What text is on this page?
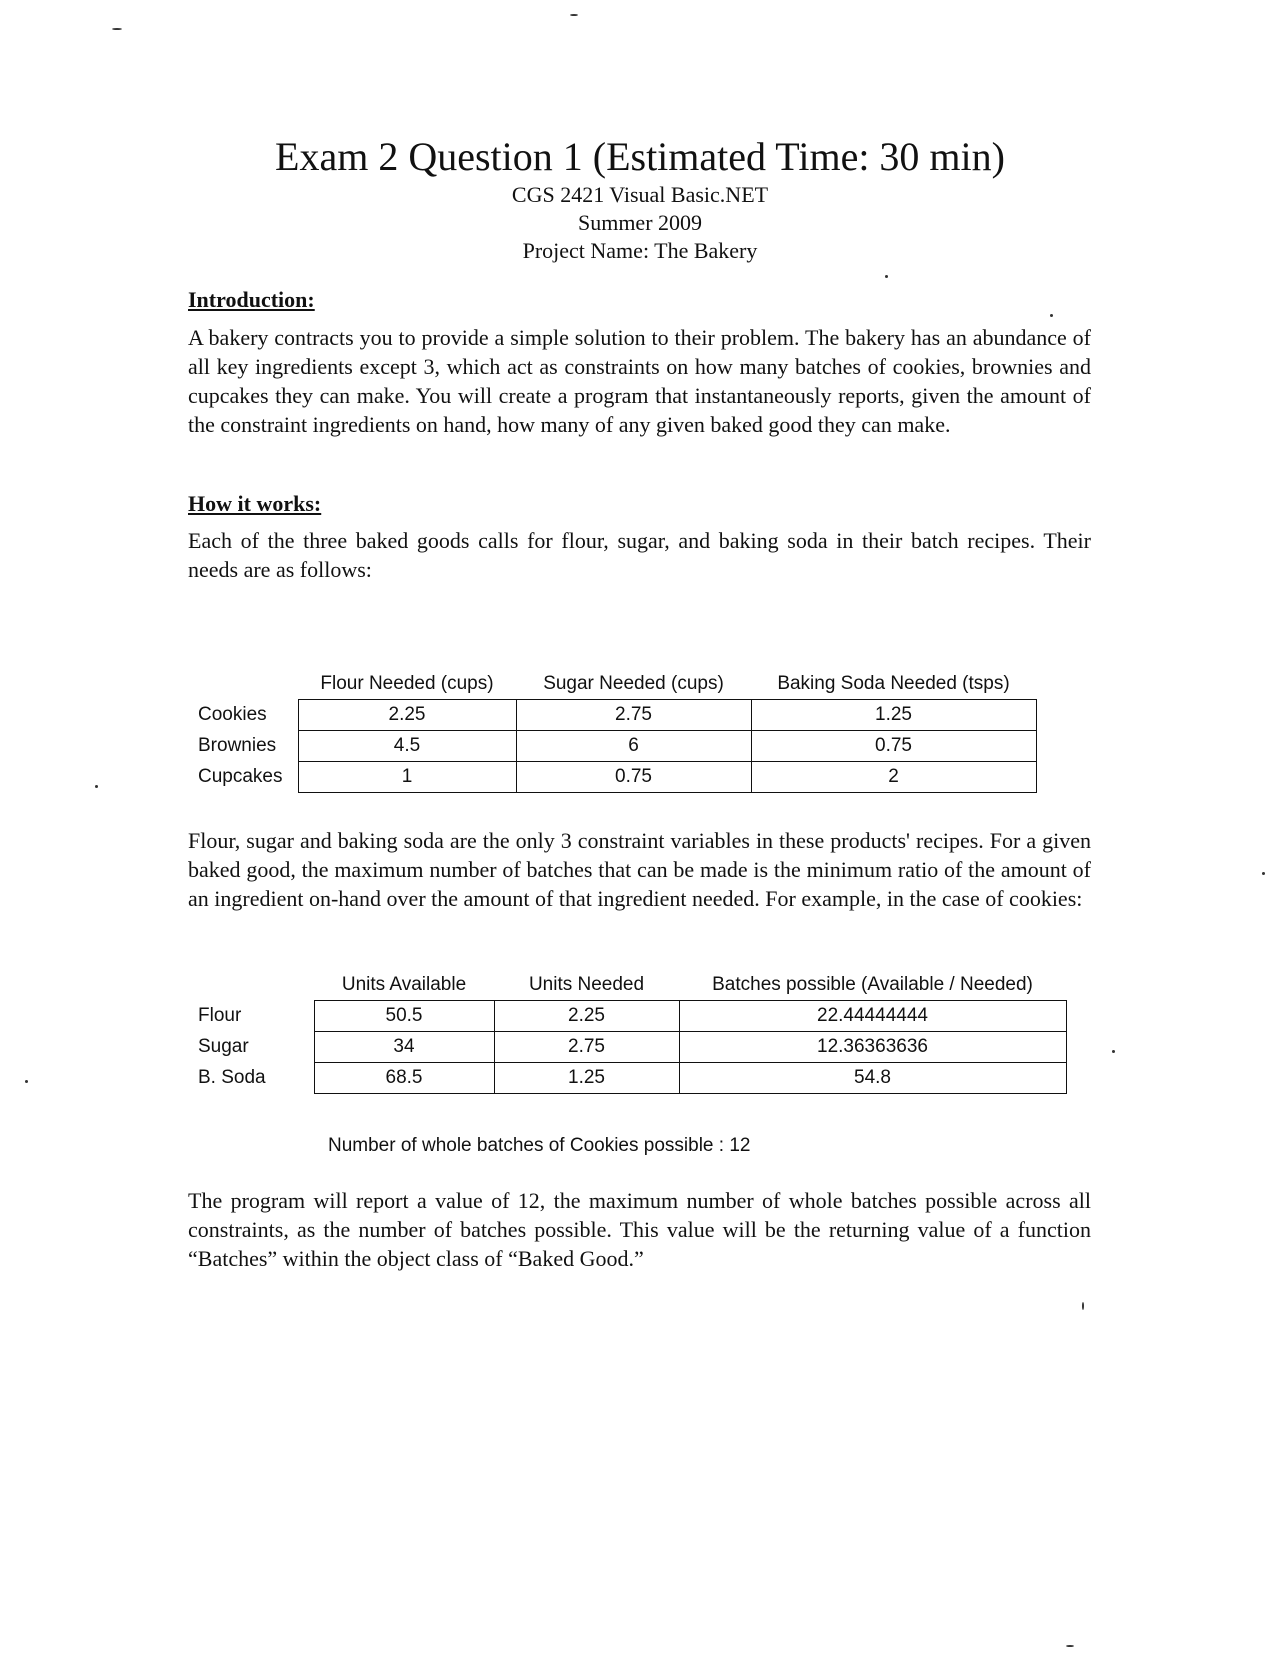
Exam 2 Question 1 (Estimated Time: 30 min)
CGS 2421 Visual Basic.NET
Summer 2009
Project Name: The Bakery
Introduction:
A bakery contracts you to provide a simple solution to their problem. The bakery has an abundance of all key ingredients except 3, which act as constraints on how many batches of cookies, brownies and cupcakes they can make. You will create a program that instantaneously reports, given the amount of the constraint ingredients on hand, how many of any given baked good they can make.
How it works:
Each of the three baked goods calls for flour, sugar, and baking soda in their batch recipes. Their needs are as follows:
	Flour Needed (cups)	Sugar Needed (cups)	Baking Soda Needed (tsps)
Cookies	2.25	2.75	1.25
Brownies	4.5	6	0.75
Cupcakes	1	0.75	2
Flour, sugar and baking soda are the only 3 constraint variables in these products' recipes. For a given baked good, the maximum number of batches that can be made is the minimum ratio of the amount of an ingredient on-hand over the amount of that ingredient needed. For example, in the case of cookies:
	Units Available	Units Needed	Batches possible (Available / Needed)
Flour	50.5	2.25	22.44444444
Sugar	34	2.75	12.36363636
B. Soda	68.5	1.25	54.8
Number of whole batches of Cookies possible : 12
The program will report a value of 12, the maximum number of whole batches possible across all constraints, as the number of batches possible. This value will be the returning value of a function “Batches” within the object class of “Baked Good.”
